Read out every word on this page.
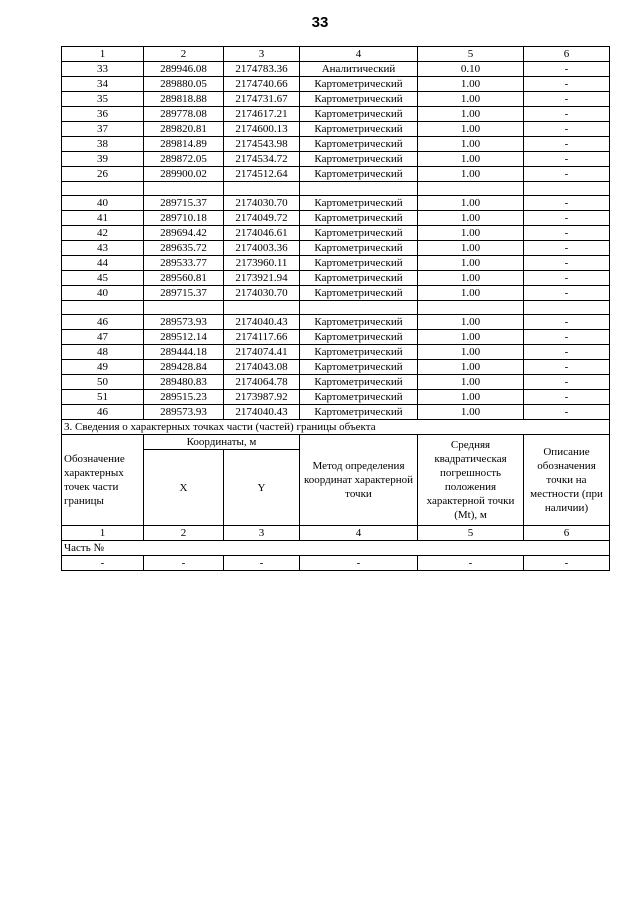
33
1	2	3	4	5	6
33	289946.08	2174783.36	Аналитический	0.10	-
34	289880.05	2174740.66	Картометрический	1.00	-
35	289818.88	2174731.67	Картометрический	1.00	-
36	289778.08	2174617.21	Картометрический	1.00	-
37	289820.81	2174600.13	Картометрический	1.00	-
38	289814.89	2174543.98	Картометрический	1.00	-
39	289872.05	2174534.72	Картометрический	1.00	-
26	289900.02	2174512.64	Картометрический	1.00	-

40	289715.37	2174030.70	Картометрический	1.00	-
41	289710.18	2174049.72	Картометрический	1.00	-
42	289694.42	2174046.61	Картометрический	1.00	-
43	289635.72	2174003.36	Картометрический	1.00	-
44	289533.77	2173960.11	Картометрический	1.00	-
45	289560.81	2173921.94	Картометрический	1.00	-
40	289715.37	2174030.70	Картометрический	1.00	-

46	289573.93	2174040.43	Картометрический	1.00	-
47	289512.14	2174117.66	Картометрический	1.00	-
48	289444.18	2174074.41	Картометрический	1.00	-
49	289428.84	2174043.08	Картометрический	1.00	-
50	289480.83	2174064.78	Картометрический	1.00	-
51	289515.23	2173987.92	Картометрический	1.00	-
46	289573.93	2174040.43	Картометрический	1.00	-
3. Сведения о характерных точках части (частей) границы объекта					
Обозначение характерных точек части границы	Координаты, м		Метод определения координат характерной точки	Средняя квадратическая погрешность положения характерной точки (Mt), м	Описание обозначения точки на местности (при наличии)
	X	Y			
1	2	3	4	5	6
Часть №					
-	-	-	-	-	-
